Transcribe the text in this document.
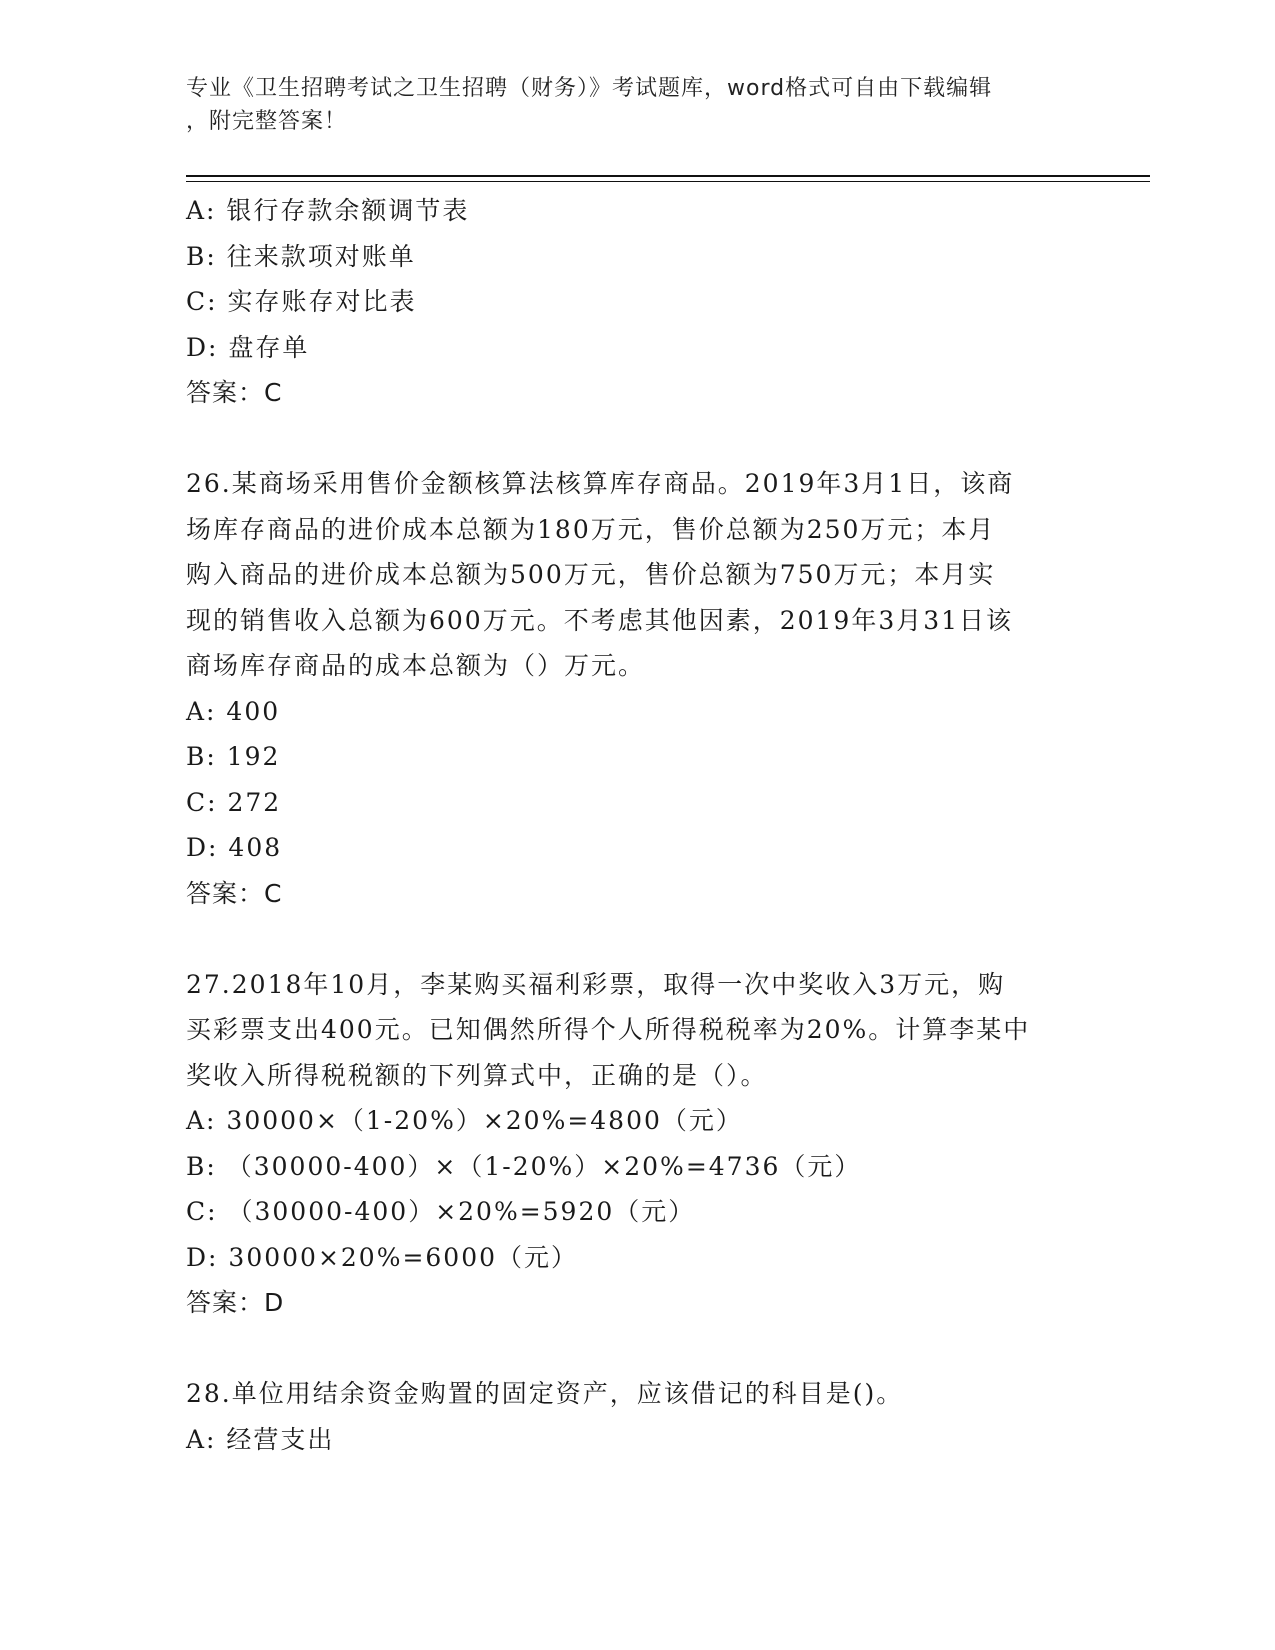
专业《卫生招聘考试之卫生招聘（财务）》考试题库，word格式可自由下载编辑
，附完整答案！
A: 银行存款余额调节表
B: 往来款项对账单
C: 实存账存对比表
D: 盘存单
答案：C
26.某商场采用售价金额核算法核算库存商品。2019年3月1日，该商
场库存商品的进价成本总额为180万元，售价总额为250万元；本月
购入商品的进价成本总额为500万元，售价总额为750万元；本月实
现的销售收入总额为600万元。不考虑其他因素，2019年3月31日该
商场库存商品的成本总额为（）万元。
A: 400
B: 192
C: 272
D: 408
答案：C
27.2018年10月，李某购买福利彩票，取得一次中奖收入3万元，购
买彩票支出400元。已知偶然所得个人所得税税率为20%。计算李某中
奖收入所得税税额的下列算式中，正确的是（）。
A: 30000×（1-20%）×20%=4800（元）
B: （30000-400）×（1-20%）×20%=4736（元）
C: （30000-400）×20%=5920（元）
D: 30000×20%=6000（元）
答案：D
28.单位用结余资金购置的固定资产，应该借记的科目是()。
A: 经营支出
